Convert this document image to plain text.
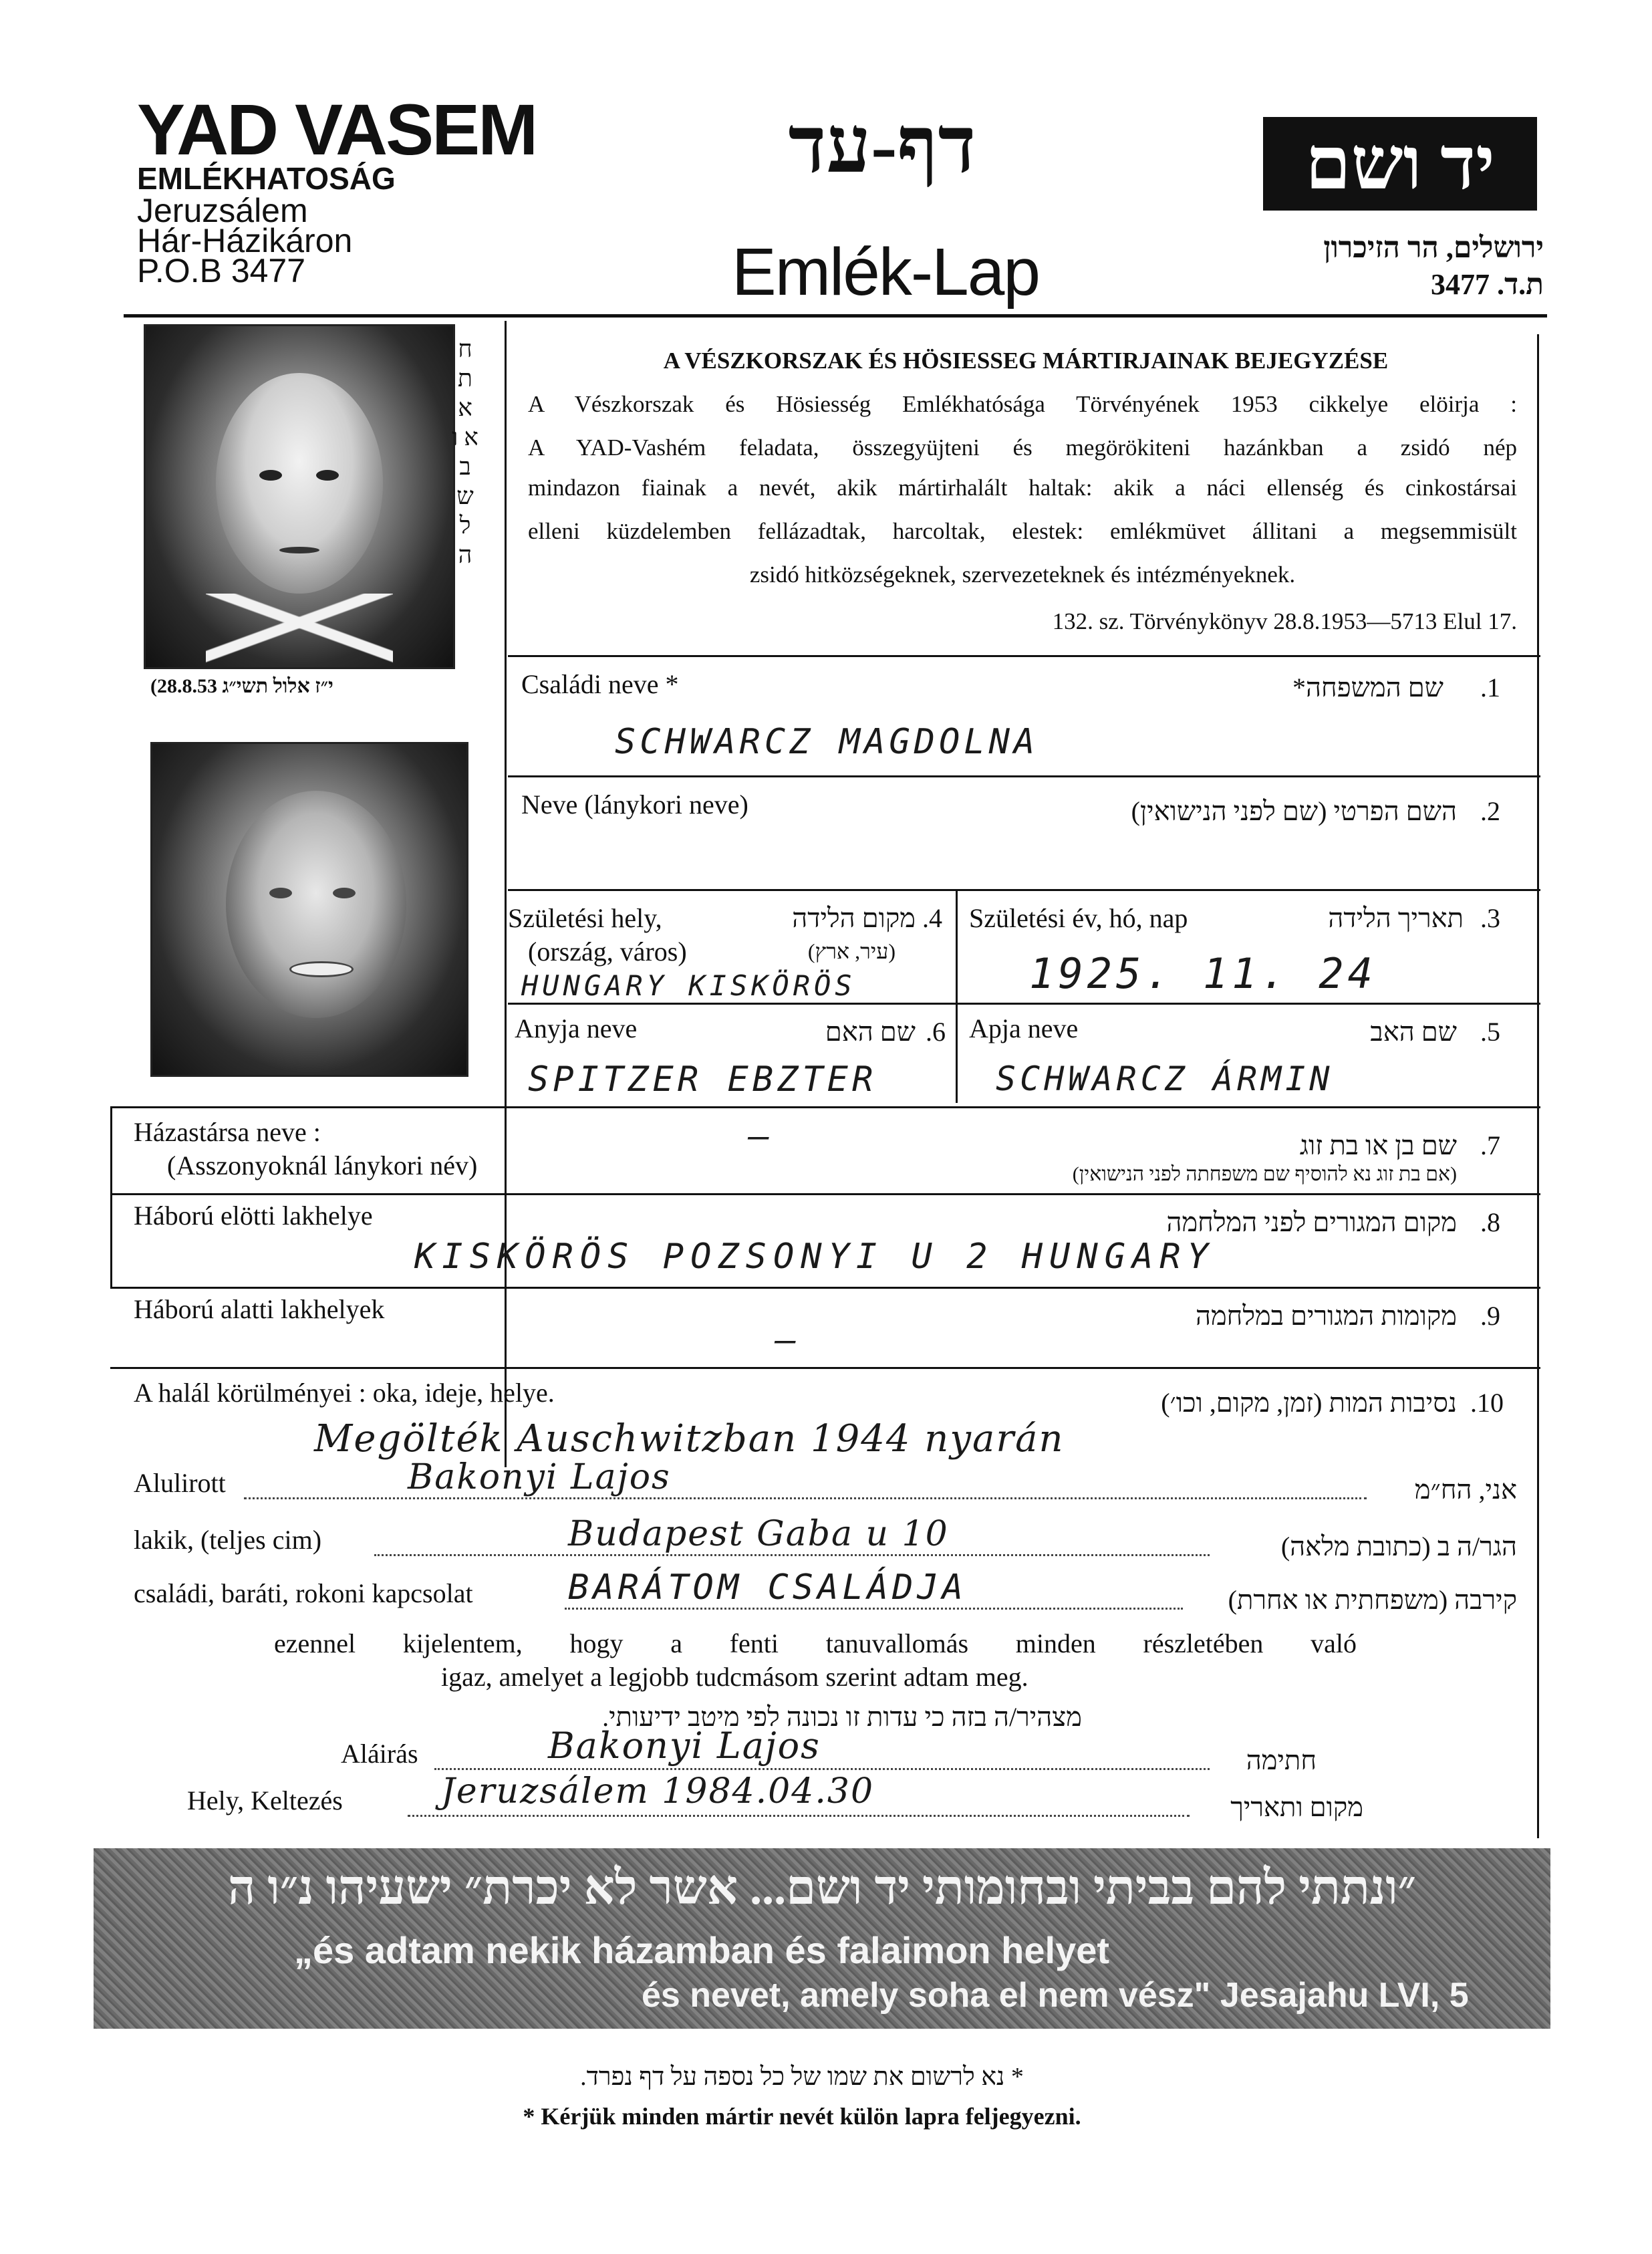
YAD VASEM
EMLÉKHATOSÁG
Jeruzsálem
Hár-Házikáron
P.O.B 3477
דף-עד
Emlék-Lap
יד ושם
ירושלים, הר הזיכרון
ת.ד. 3477
ח ת א א ו ב ש ל ה
(28.8.53 י״ז אלול תשי״ג
A VÉSZKORSZAK ÉS HÖSIESSEG MÁRTIRJAINAK BEJEGYZÉSE
A Vészkorszak és Hösiesség Emlékhatósága Törvényének 1953 cikkelye elöirja :
A YAD-Vashém feladata, összegyüjteni és megörökiteni hazánkban a zsidó nép
mindazon fiainak a nevét, akik mártirhalált haltak: akik a náci ellenség és cinkostársai
elleni küzdelemben fellázadtak, harcoltak, elestek: emlékmüvet állitani a megsemmisült
zsidó hitközségeknek, szervezeteknek és intézményeknek.
132. sz. Törvénykönyv 28.8.1953—5713 Elul 17.
Családi neve *	שם המשפחה* .1
SCHWARCZ MAGDOLNA
Neve (lánykori neve)	השם הפרטי (שם לפני הנישואין) .2
Születési hely,	מקום הלידה .4
(ország, város)	(עיר, ארץ)
HUNGARY KISKÖRÖS
Születési év, hó, nap	תאריך הלידה .3
1925. 11. 24
Anyja neve	שם האם .6
SPITZER EBZTER
Apja neve	שם האב .5
SCHWARCZ ÁRMIN
Házastársa neve :
(Asszonyoknál lánykori név)
שם בן או בת זוג .7
(אם בת זוג נא להוסיף שם משפחתה לפני הנישואין)
—
Háború elötti lakhelye	מקום המגורים לפני המלחמה .8
KISKÖRÖS POZSONYI U 2 HUNGARY
Háború alatti lakhelyek	מקומות המגורים במלחמה .9
—
A halál körülményei : oka, ideje, helye.	נסיבות המות (זמן, מקום, וכו׳) .10
Megölték Auschwitzban 1944 nyarán
Alulirott	Bakonyi Lajos	אני, הח״מ
lakik, (teljes cim)	Budapest Gaba u 10	הגר/ה ב (כתובת מלאה)
családi, baráti, rokoni kapcsolat	BARÁTOM CSALÁDJA	קירבה (משפחתית או אחרת)
ezennel kijelentem, hogy a fenti tanuvallomás minden részletében való
igaz, amelyet a legjobb tudcmásom szerint adtam meg.
מצהיר/ה בזה כי עדות זו נכונה לפי מיטב ידיעותי.
Aláirás	Bakonyi Lajos	חתימה
Hely, Keltezés	Jeruzsálem 1984.04.30	מקום ותאריך
״ונתתי להם בביתי ובחומותי יד ושם... אשר לא יכרת״ ישעיהו נ״ו ה
„és adtam nekik házamban és falaimon helyet
és nevet, amely soha el nem vész" Jesajahu LVI, 5
* נא לרשום את שמו של כל נספה על דף נפרד.
* Kérjük minden mártir nevét külön lapra feljegyezni.
